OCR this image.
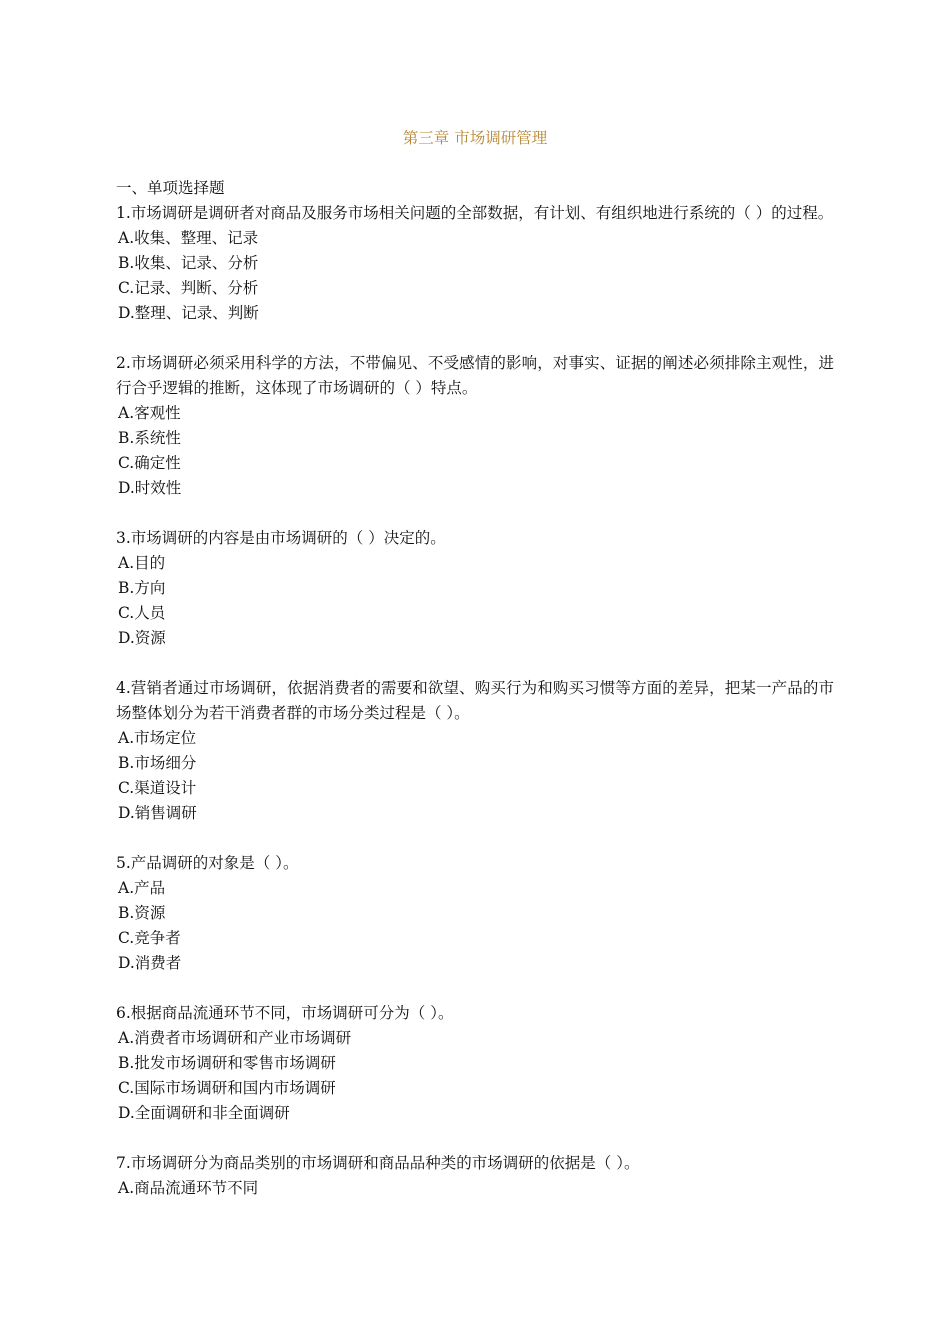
第三章 市场调研管理

一、单项选择题

1.市场调研是调研者对商品及服务市场相关问题的全部数据，有计划、有组织地进行系统的（ ）的过程。

A.收集、整理、记录

B.收集、记录、分析

C.记录、判断、分析

D.整理、记录、判断

2.市场调研必须采用科学的方法，不带偏见、不受感情的影响，对事实、证据的阐述必须排除主观性，进行合乎逻辑的推断，这体现了市场调研的（ ）特点。

A.客观性

B.系统性

C.确定性

D.时效性

3.市场调研的内容是由市场调研的（ ）决定的。

A.目的

B.方向

C.人员

D.资源

4.营销者通过市场调研，依据消费者的需要和欲望、购买行为和购买习惯等方面的差异，把某一产品的市场整体划分为若干消费者群的市场分类过程是（ ）。

A.市场定位

B.市场细分

C.渠道设计

D.销售调研

5.产品调研的对象是（ ）。

A.产品

B.资源

C.竞争者

D.消费者

6.根据商品流通环节不同，市场调研可分为（ ）。

A.消费者市场调研和产业市场调研

B.批发市场调研和零售市场调研

C.国际市场调研和国内市场调研

D.全面调研和非全面调研

7.市场调研分为商品类别的市场调研和商品品种类的市场调研的依据是（ ）。

A.商品流通环节不同
